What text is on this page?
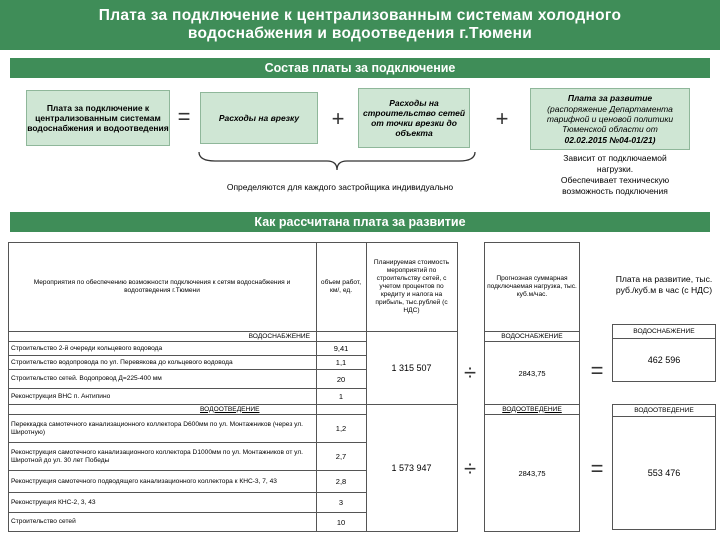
Плата за подключение к централизованным системам холодного
водоснабжения и водоотведения г.Тюмени
Состав платы за подключение
Плата за подключение к централизованным системам водоснабжения и водоотведения =	Расходы на врезку	+
Расходы на строительство сетей от точки врезки до объекта
+
Плата за развитие
(распоряжение Департамента тарифной и ценовой политики Тюменской области от
02.02.2015 №04-01/21)
Определяются для каждого застройщика индивидуально
Зависит от подключаемой
нагрузки.
Обеспечивает техническую
возможность подключения
Как рассчитана плата за развитие
Мероприятия по обеспечению возможности подключения к сетям водоснабжения и водоотведения г.Тюмени
объем работ, км/, ед.
Планируемая стоимость мероприятий по строительству сетей, с учетом процентов по кредиту и налога на прибыль, тыс.рублей (с НДС)
ВОДОСНАБЖЕНИЕ
Строительство 2-й очереди кольцевого водовода	9,41
Строительство водопровода по ул. Перевякова до кольцевого водовода	1,1
Строительство сетей. Водопровод Д=225-400 мм	20
Реконструкция ВНС п. Антипино	1
1 315 507
ВОДООТВЕДЕНИЕ
Переккадка самотечного канализационного коллектора D600мм по ул. Монтажников (через ул. Широтную)	1,2
Реконструкция самотечного канализационного коллектора D1000мм по ул. Монтажников от ул. Широтной до ул. 30 лет Победы	2,7
Реконструкция самотечного подводящего канализационного коллектора к КНС-3, 7, 43	2,8
Реконструкция КНС-2, 3, 43	3
Строительство сетей	10
1 573 947
÷
÷
Прогнозная суммарная подключаемая нагрузка, тыс. куб.м/час.
ВОДОСНАБЖЕНИЕ
2843,75
ВОДООТВЕДЕНИЕ
2843,75
=
=
Плата на развитие, тыс. руб./куб.м в час (с НДС)
ВОДОСНАБЖЕНИЕ
462 596
ВОДООТВЕДЕНИЕ
553 476
